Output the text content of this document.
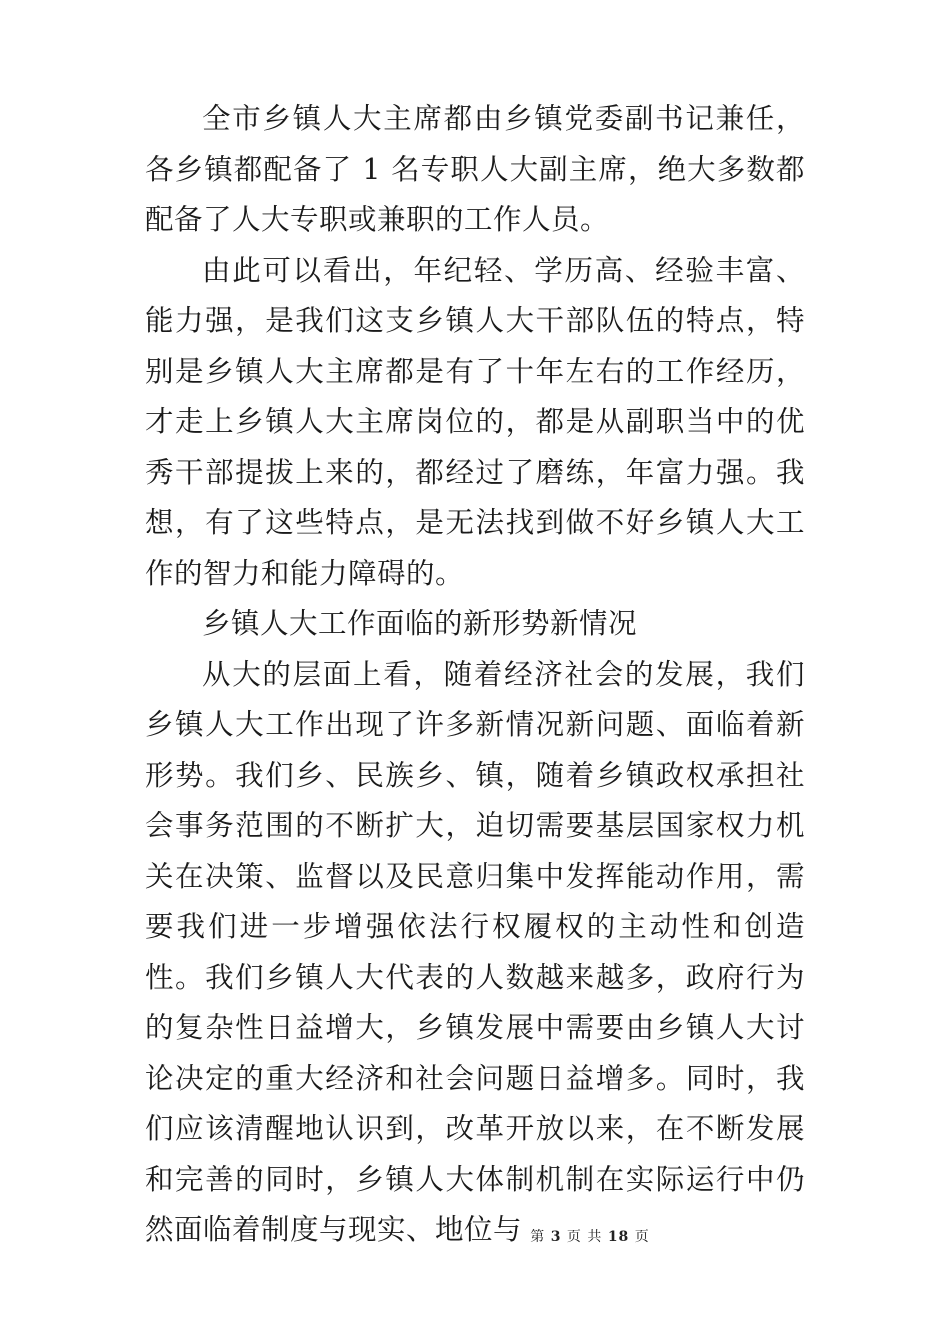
全市乡镇人大主席都由乡镇党委副书记兼任，各乡镇都配备了 1 名专职人大副主席，绝大多数都配备了人大专职或兼职的工作人员。

由此可以看出，年纪轻、学历高、经验丰富、能力强，是我们这支乡镇人大干部队伍的特点，特别是乡镇人大主席都是有了十年左右的工作经历，才走上乡镇人大主席岗位的，都是从副职当中的优秀干部提拔上来的，都经过了磨练，年富力强。我想，有了这些特点，是无法找到做不好乡镇人大工作的智力和能力障碍的。

乡镇人大工作面临的新形势新情况

从大的层面上看，随着经济社会的发展，我们乡镇人大工作出现了许多新情况新问题、面临着新形势。我们乡、民族乡、镇，随着乡镇政权承担社会事务范围的不断扩大，迫切需要基层国家权力机关在决策、监督以及民意归集中发挥能动作用，需要我们进一步增强依法行权履权的主动性和创造性。我们乡镇人大代表的人数越来越多，政府行为的复杂性日益增大，乡镇发展中需要由乡镇人大讨论决定的重大经济和社会问题日益增多。同时，我们应该清醒地认识到，改革开放以来，在不断发展和完善的同时，乡镇人大体制机制在实际运行中仍然面临着制度与现实、地位与 第 3 页 共 18 页
